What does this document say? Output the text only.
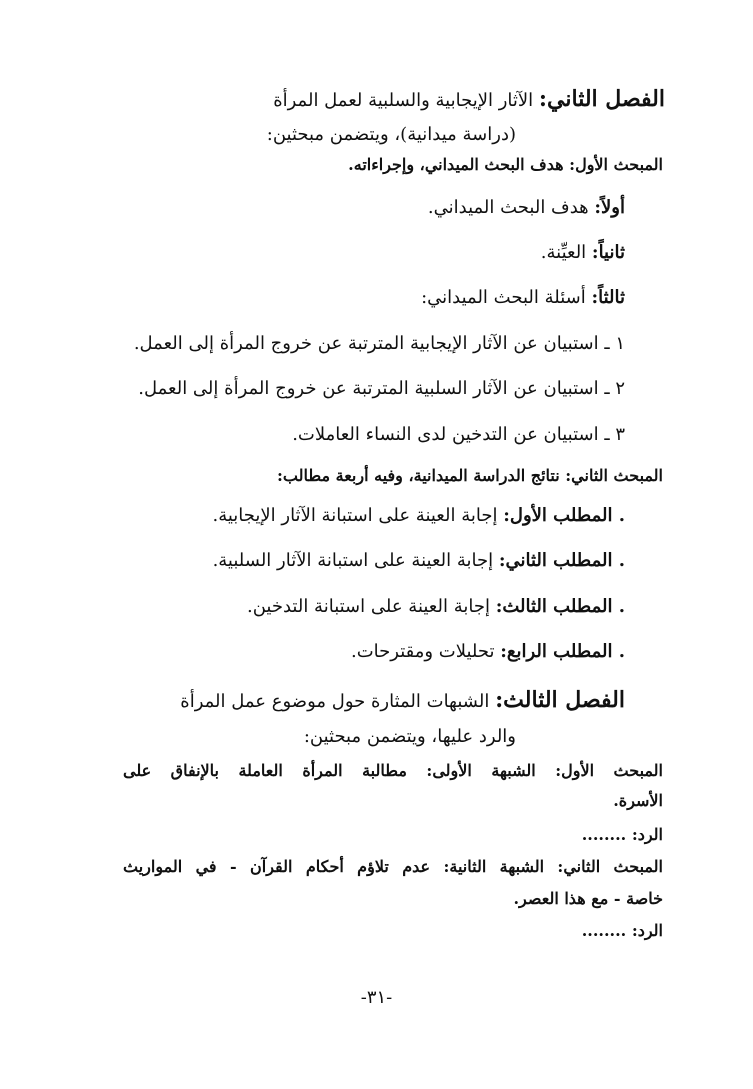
الفصل الثاني: الآثار الإيجابية والسلبية لعمل المرأة
(دراسة ميدانية)، ويتضمن مبحثين:
المبحث الأول: هدف البحث الميداني، وإجراءاته.
أولاً: هدف البحث الميداني.
ثانياً: العيِّنة.
ثالثاً: أسئلة البحث الميداني:
١ ـ استبيان عن الآثار الإيجابية المترتبة عن خروج المرأة إلى العمل.
٢ ـ استبيان عن الآثار السلبية المترتبة عن خروج المرأة إلى العمل.
٣ ـ استبيان عن التدخين لدى النساء العاملات.
المبحث الثاني: نتائج الدراسة الميدانية، وفيه أربعة مطالب:
. المطلب الأول: إجابة العينة على استبانة الآثار الإيجابية.
. المطلب الثاني: إجابة العينة على استبانة الآثار السلبية.
. المطلب الثالث: إجابة العينة على استبانة التدخين.
. المطلب الرابع: تحليلات ومقترحات.
الفصل الثالث: الشبهات المثارة حول موضوع عمل المرأة
والرد عليها، ويتضمن مبحثين:
المبحث الأول: الشبهة الأولى: مطالبة المرأة العاملة بالإنفاق على
الأسرة.
الرد: ........
المبحث الثاني: الشبهة الثانية: عدم تلاؤم أحكام القرآن - في المواريث
خاصة - مع هذا العصر.
الرد: ........
-٣١-
